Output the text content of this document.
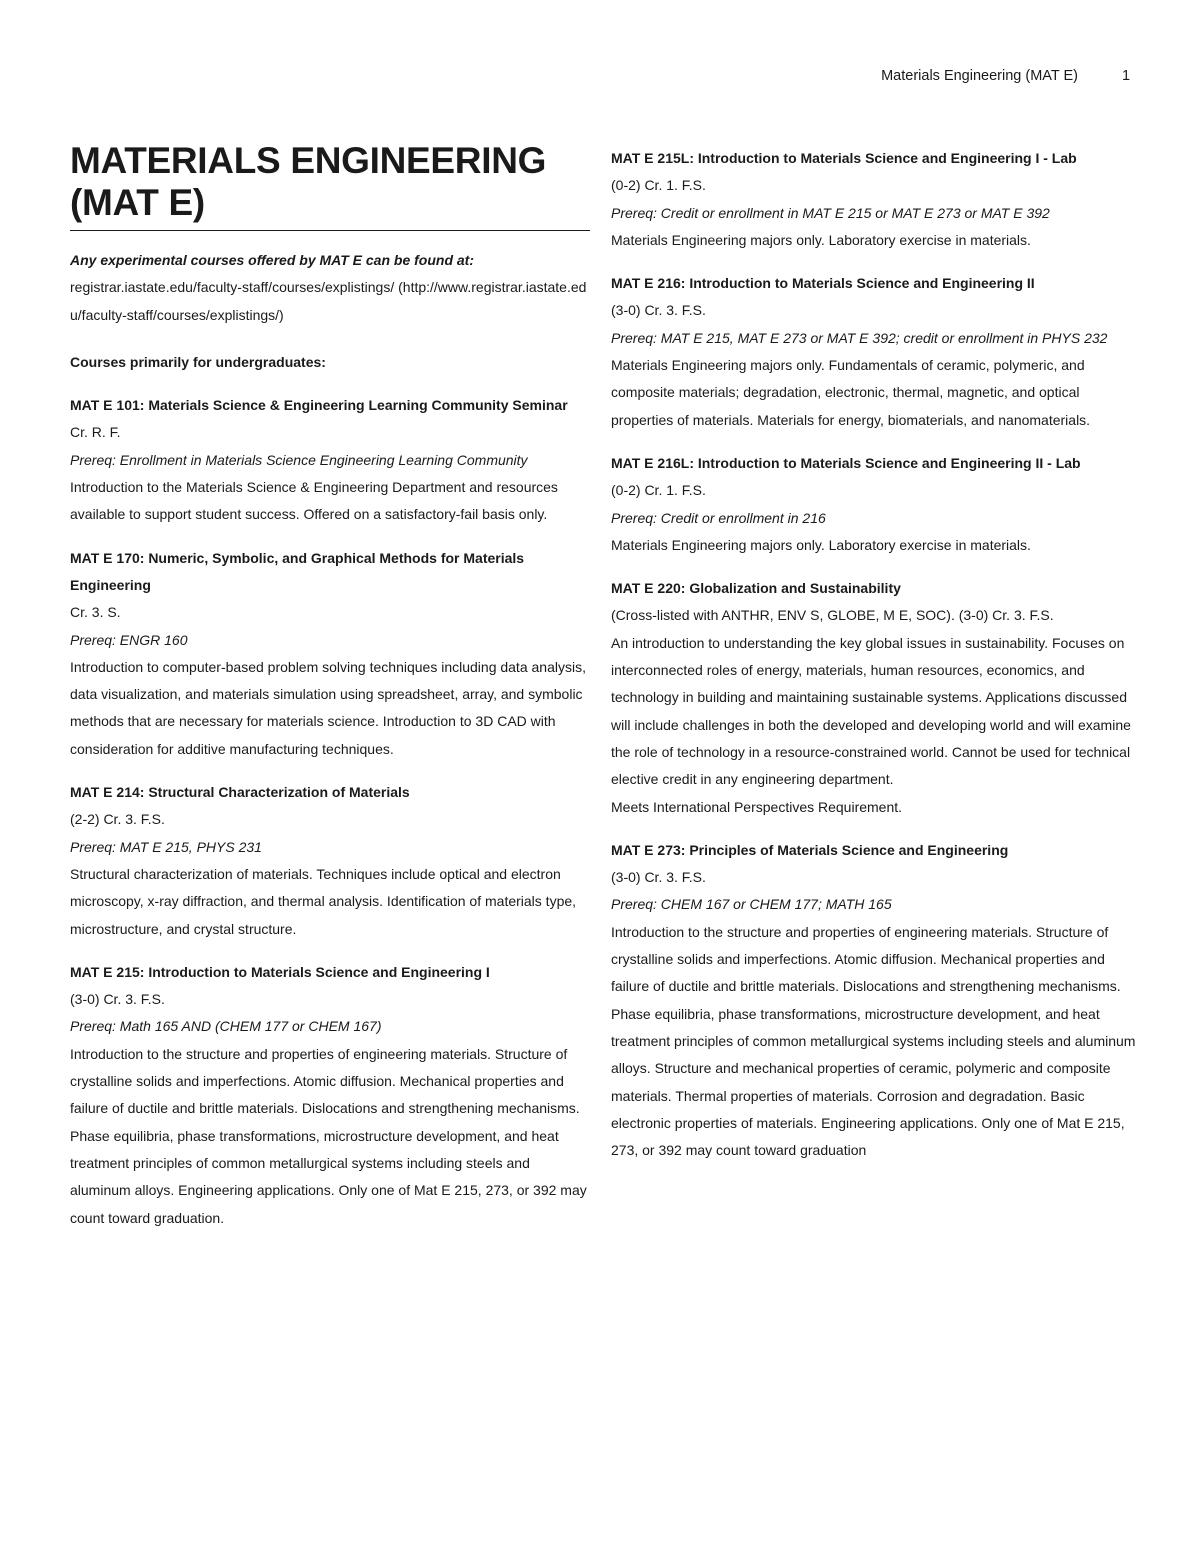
Materials Engineering (MAT E)	1
MATERIALS ENGINEERING (MAT E)
Any experimental courses offered by MAT E can be found at:
registrar.iastate.edu/faculty-staff/courses/explistings/ (http://www.registrar.iastate.edu/faculty-staff/courses/explistings/)
Courses primarily for undergraduates:
MAT E 101: Materials Science & Engineering Learning Community Seminar
Cr. R. F.
Prereq: Enrollment in Materials Science Engineering Learning Community
Introduction to the Materials Science & Engineering Department and resources available to support student success. Offered on a satisfactory-fail basis only.
MAT E 170: Numeric, Symbolic, and Graphical Methods for Materials Engineering
Cr. 3. S.
Prereq: ENGR 160
Introduction to computer-based problem solving techniques including data analysis, data visualization, and materials simulation using spreadsheet, array, and symbolic methods that are necessary for materials science. Introduction to 3D CAD with consideration for additive manufacturing techniques.
MAT E 214: Structural Characterization of Materials
(2-2) Cr. 3. F.S.
Prereq: MAT E 215, PHYS 231
Structural characterization of materials. Techniques include optical and electron microscopy, x-ray diffraction, and thermal analysis. Identification of materials type, microstructure, and crystal structure.
MAT E 215: Introduction to Materials Science and Engineering I
(3-0) Cr. 3. F.S.
Prereq: Math 165 AND (CHEM 177 or CHEM 167)
Introduction to the structure and properties of engineering materials. Structure of crystalline solids and imperfections. Atomic diffusion. Mechanical properties and failure of ductile and brittle materials. Dislocations and strengthening mechanisms. Phase equilibria, phase transformations, microstructure development, and heat treatment principles of common metallurgical systems including steels and aluminum alloys. Engineering applications. Only one of Mat E 215, 273, or 392 may count toward graduation.
MAT E 215L: Introduction to Materials Science and Engineering I - Lab
(0-2) Cr. 1. F.S.
Prereq: Credit or enrollment in MAT E 215 or MAT E 273 or MAT E 392
Materials Engineering majors only. Laboratory exercise in materials.
MAT E 216: Introduction to Materials Science and Engineering II
(3-0) Cr. 3. F.S.
Prereq: MAT E 215, MAT E 273 or MAT E 392; credit or enrollment in PHYS 232
Materials Engineering majors only. Fundamentals of ceramic, polymeric, and composite materials; degradation, electronic, thermal, magnetic, and optical properties of materials. Materials for energy, biomaterials, and nanomaterials.
MAT E 216L: Introduction to Materials Science and Engineering II - Lab
(0-2) Cr. 1. F.S.
Prereq: Credit or enrollment in 216
Materials Engineering majors only. Laboratory exercise in materials.
MAT E 220: Globalization and Sustainability
(Cross-listed with ANTHR, ENV S, GLOBE, M E, SOC). (3-0) Cr. 3. F.S.
An introduction to understanding the key global issues in sustainability. Focuses on interconnected roles of energy, materials, human resources, economics, and technology in building and maintaining sustainable systems. Applications discussed will include challenges in both the developed and developing world and will examine the role of technology in a resource-constrained world. Cannot be used for technical elective credit in any engineering department.
Meets International Perspectives Requirement.
MAT E 273: Principles of Materials Science and Engineering
(3-0) Cr. 3. F.S.
Prereq: CHEM 167 or CHEM 177; MATH 165
Introduction to the structure and properties of engineering materials. Structure of crystalline solids and imperfections. Atomic diffusion. Mechanical properties and failure of ductile and brittle materials. Dislocations and strengthening mechanisms. Phase equilibria, phase transformations, microstructure development, and heat treatment principles of common metallurgical systems including steels and aluminum alloys. Structure and mechanical properties of ceramic, polymeric and composite materials. Thermal properties of materials. Corrosion and degradation. Basic electronic properties of materials. Engineering applications. Only one of Mat E 215, 273, or 392 may count toward graduation
